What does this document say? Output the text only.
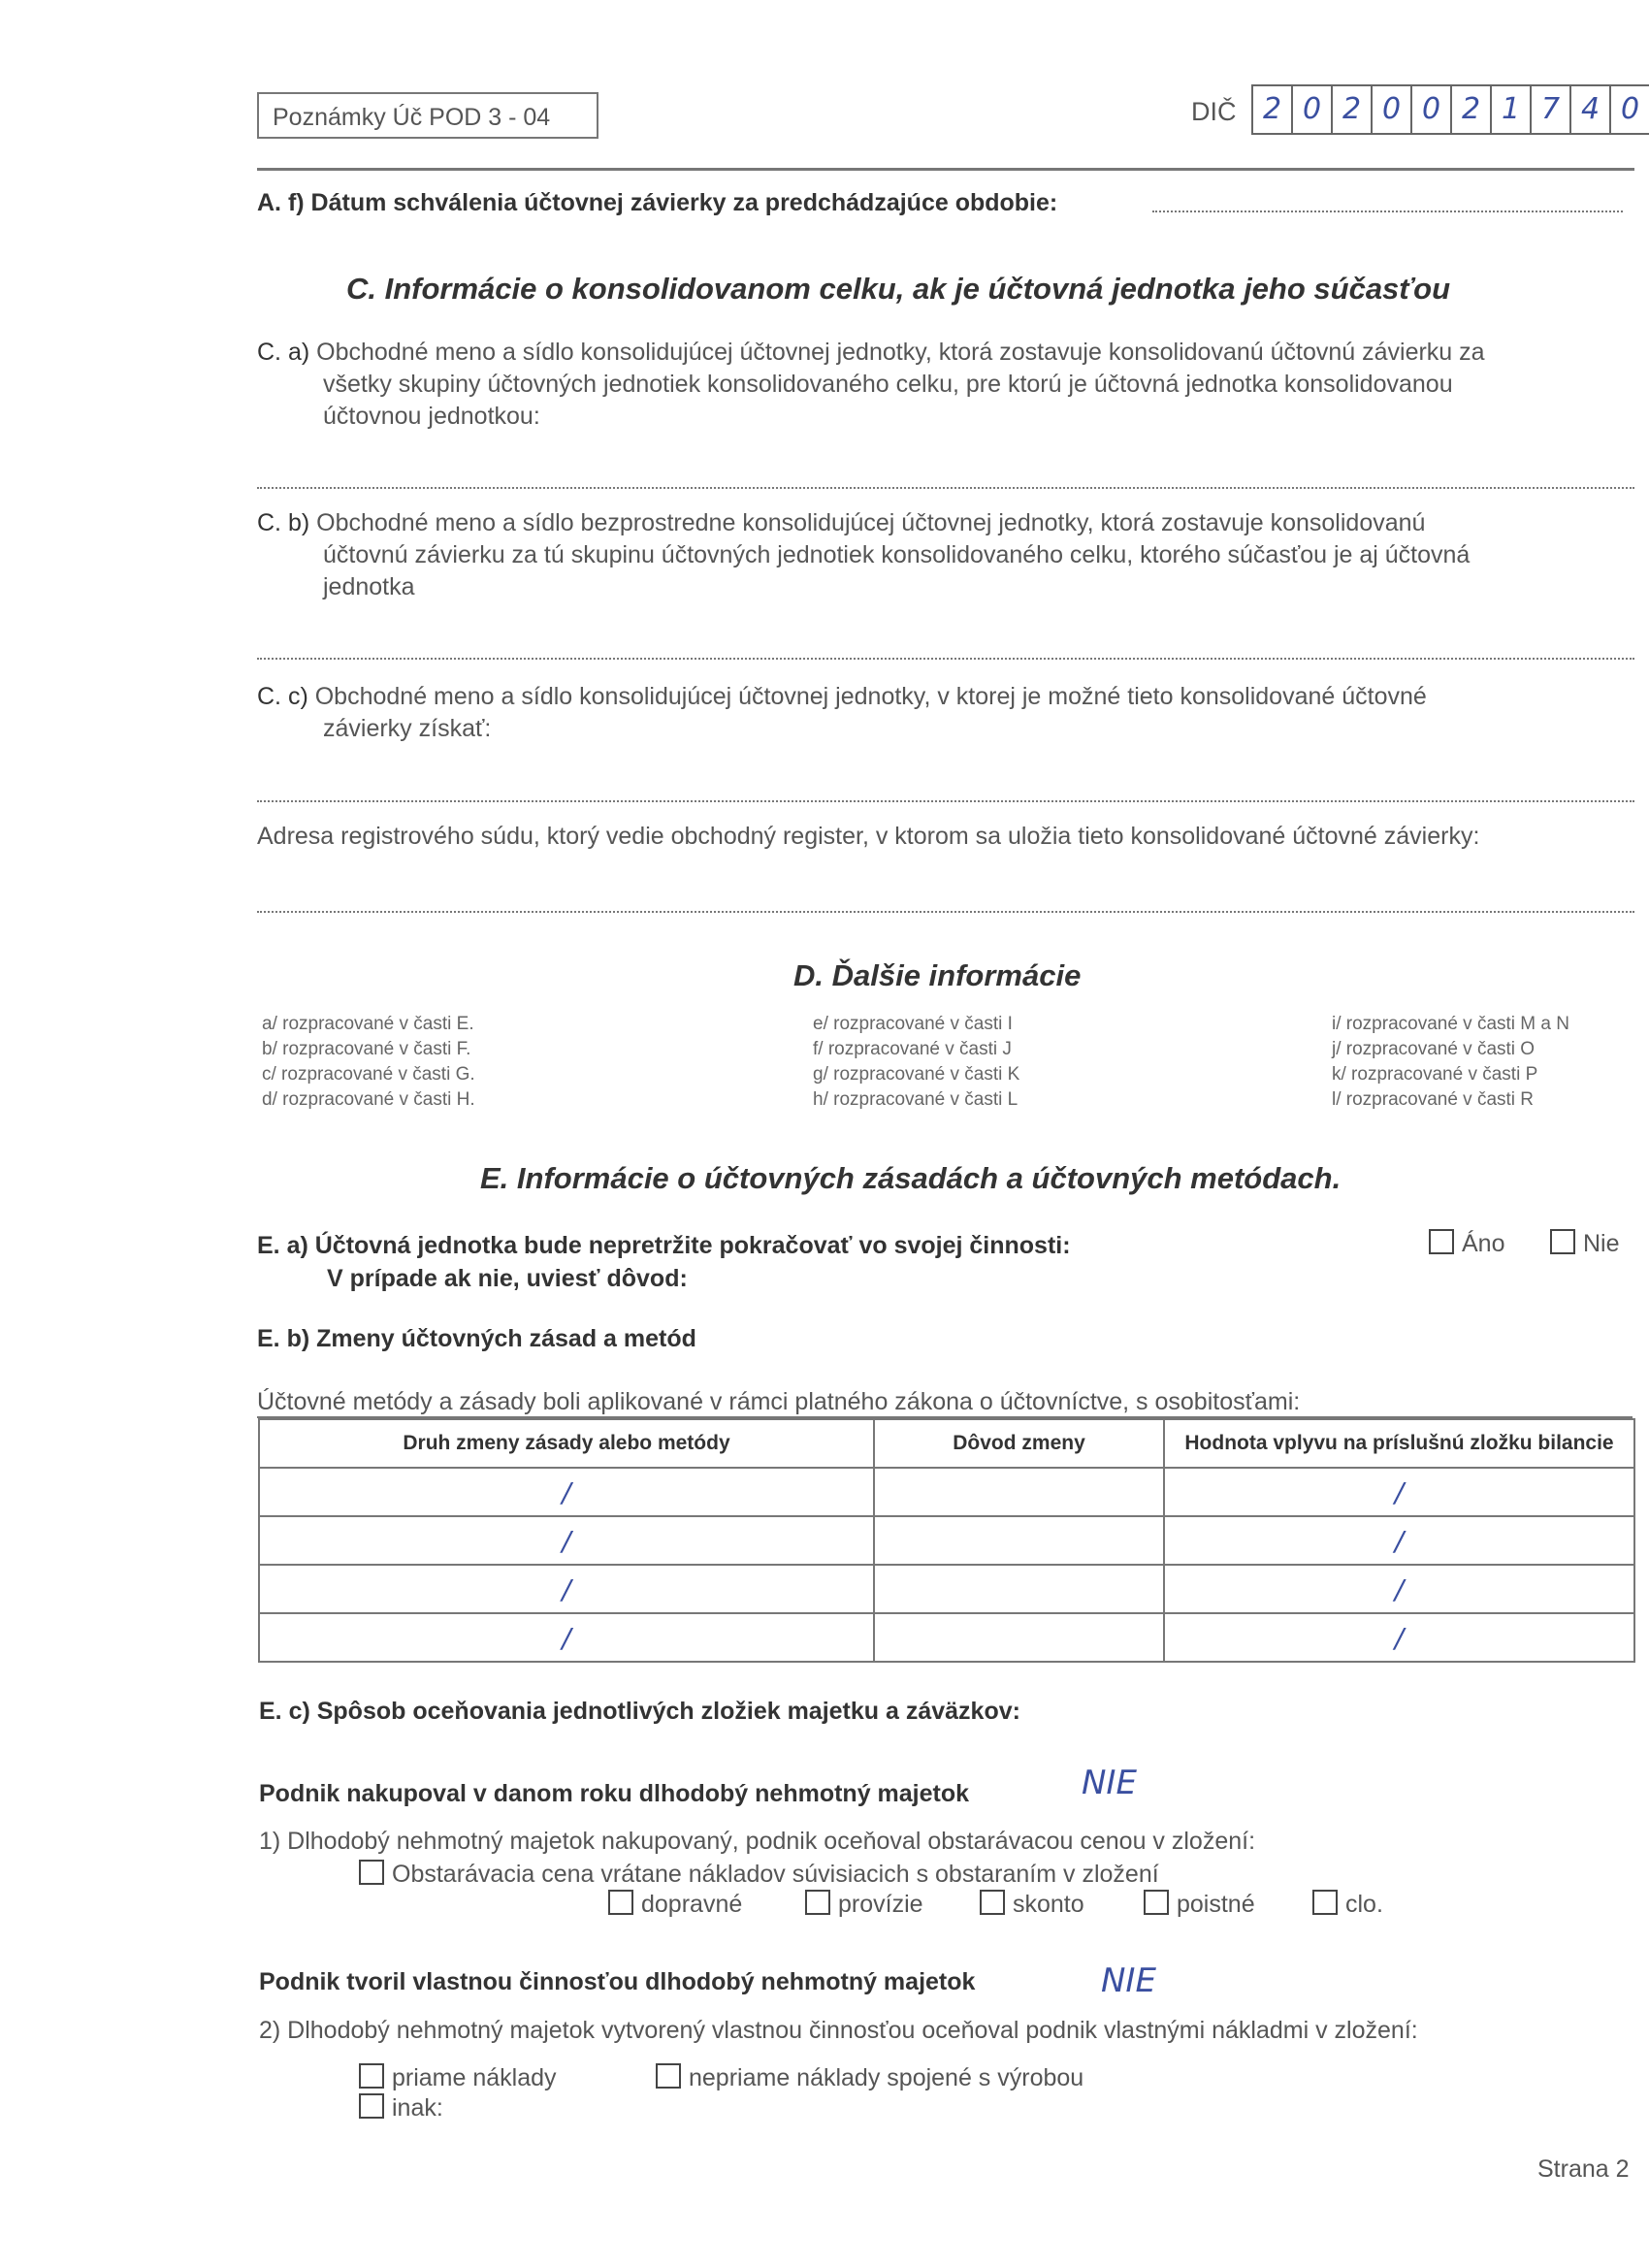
Poznámky Úč POD 3 - 04	DIČ 2 0 2 0 0 2 1 7 4 0
A. f) Dátum schválenia účtovnej závierky za predchádzajúce obdobie:
C. Informácie o konsolidovanom celku, ak je účtovná jednotka jeho súčasťou
C. a) Obchodné meno a sídlo konsolidujúcej účtovnej jednotky, ktorá zostavuje konsolidovanú účtovnú závierku za
všetky skupiny účtovných jednotiek konsolidovaného celku, pre ktorú je účtovná jednotka konsolidovanou
účtovnou jednotkou:
C. b) Obchodné meno a sídlo bezprostredne konsolidujúcej účtovnej jednotky, ktorá zostavuje konsolidovanú
účtovnú závierku za tú skupinu účtovných jednotiek konsolidovaného celku, ktorého súčasťou je aj účtovná
jednotka
C. c) Obchodné meno a sídlo konsolidujúcej účtovnej jednotky, v ktorej je možné tieto konsolidované účtovné
závierky získať:
Adresa registrového súdu, ktorý vedie obchodný register, v ktorom sa uložia tieto konsolidované účtovné závierky:
D. Ďalšie informácie
a/ rozpracované v časti E.
b/ rozpracované v časti F.
c/ rozpracované v časti G.
d/ rozpracované v časti H.
e/ rozpracované v časti I
f/ rozpracované v časti J
g/ rozpracované v časti K
h/ rozpracované v časti L
i/ rozpracované v časti M a N
j/ rozpracované v časti O
k/ rozpracované v časti P
l/ rozpracované v časti R
E. Informácie o účtovných zásadách a účtovných metódach.
E. a) Účtovná jednotka bude nepretržite pokračovať vo svojej činnosti:
V prípade ak nie, uviesť dôvod:
Áno	Nie
E. b) Zmeny účtovných zásad a metód
Účtovné metódy a zásady boli aplikované v rámci platného zákona o účtovníctve, s osobitosťami:
Druh zmeny zásady alebo metódy	Dôvod zmeny	Hodnota vplyvu na príslušnú zložku bilancie
/		/
/		/
/		/
/		/
E. c) Spôsob oceňovania jednotlivých zložiek majetku a záväzkov:
Podnik nakupoval v danom roku dlhodobý nehmotný majetok	NIE
1) Dlhodobý nehmotný majetok nakupovaný, podnik oceňoval obstarávacou cenou v zložení:
Obstarávacia cena vrátane nákladov súvisiacich s obstaraním v zložení
dopravné	provízie	skonto	poistné	clo.
Podnik tvoril vlastnou činnosťou dlhodobý nehmotný majetok	NIE
2) Dlhodobý nehmotný majetok vytvorený vlastnou činnosťou oceňoval podnik vlastnými nákladmi v zložení:
priame náklady	nepriame náklady spojené s výrobou
inak:
Strana 2
